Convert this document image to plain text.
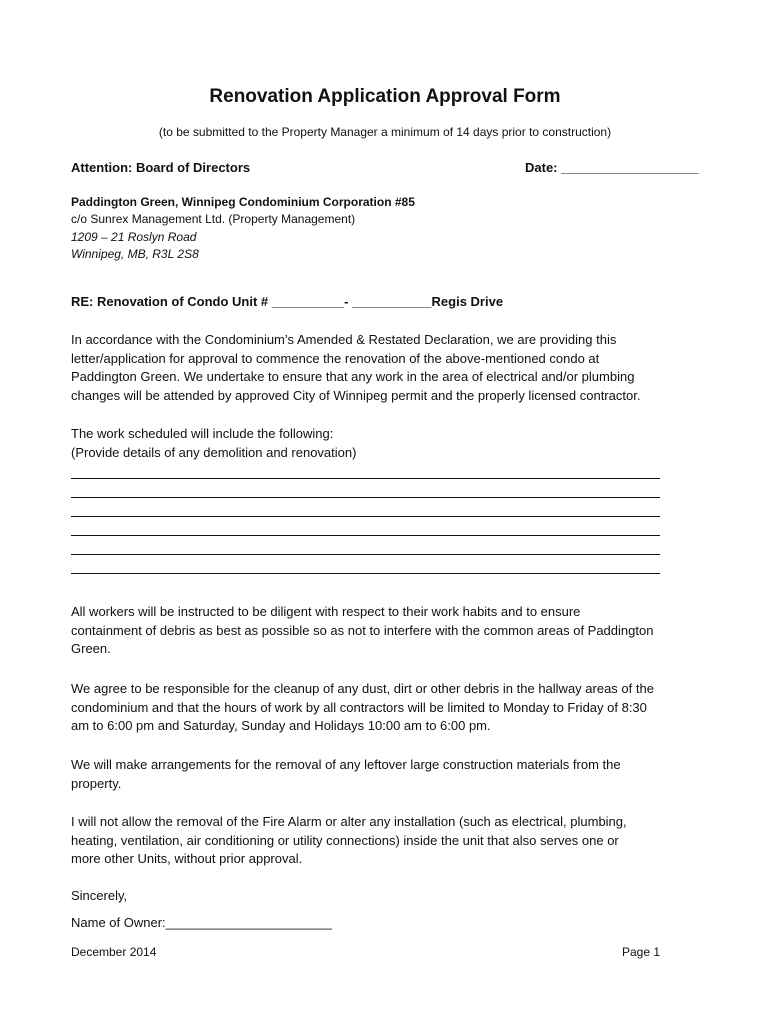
Renovation Application Approval Form
(to be submitted to the Property Manager a minimum of 14 days prior to construction)
Attention: Board of Directors	Date: ___________________
Paddington Green, Winnipeg Condominium Corporation #85
c/o Sunrex Management Ltd. (Property Management)
1209 – 21 Roslyn Road
Winnipeg, MB, R3L 2S8
RE: Renovation of Condo Unit # __________- ___________Regis Drive
In accordance with the Condominium’s Amended & Restated Declaration, we are providing this
letter/application for approval to commence the renovation of the above-mentioned condo at
Paddington Green. We undertake to ensure that any work in the area of electrical and/or plumbing
changes will be attended by approved City of Winnipeg permit and the properly licensed contractor.
The work scheduled will include the following:
(Provide details of any demolition and renovation)
All workers will be instructed to be diligent with respect to their work habits and to ensure
containment of debris as best as possible so as not to interfere with the common areas of Paddington
Green.
We agree to be responsible for the cleanup of any dust, dirt or other debris in the hallway areas of the
condominium and that the hours of work by all contractors will be limited to Monday to Friday of 8:30
am to 6:00 pm and Saturday, Sunday and Holidays 10:00 am to 6:00 pm.
We will make arrangements for the removal of any leftover large construction materials from the
property.
I will not allow the removal of the Fire Alarm or alter any installation (such as electrical, plumbing,
heating, ventilation, air conditioning or utility connections) inside the unit that also serves one or
more other Units, without prior approval.
Sincerely,
Name of Owner:_______________________
December 2014	Page 1
